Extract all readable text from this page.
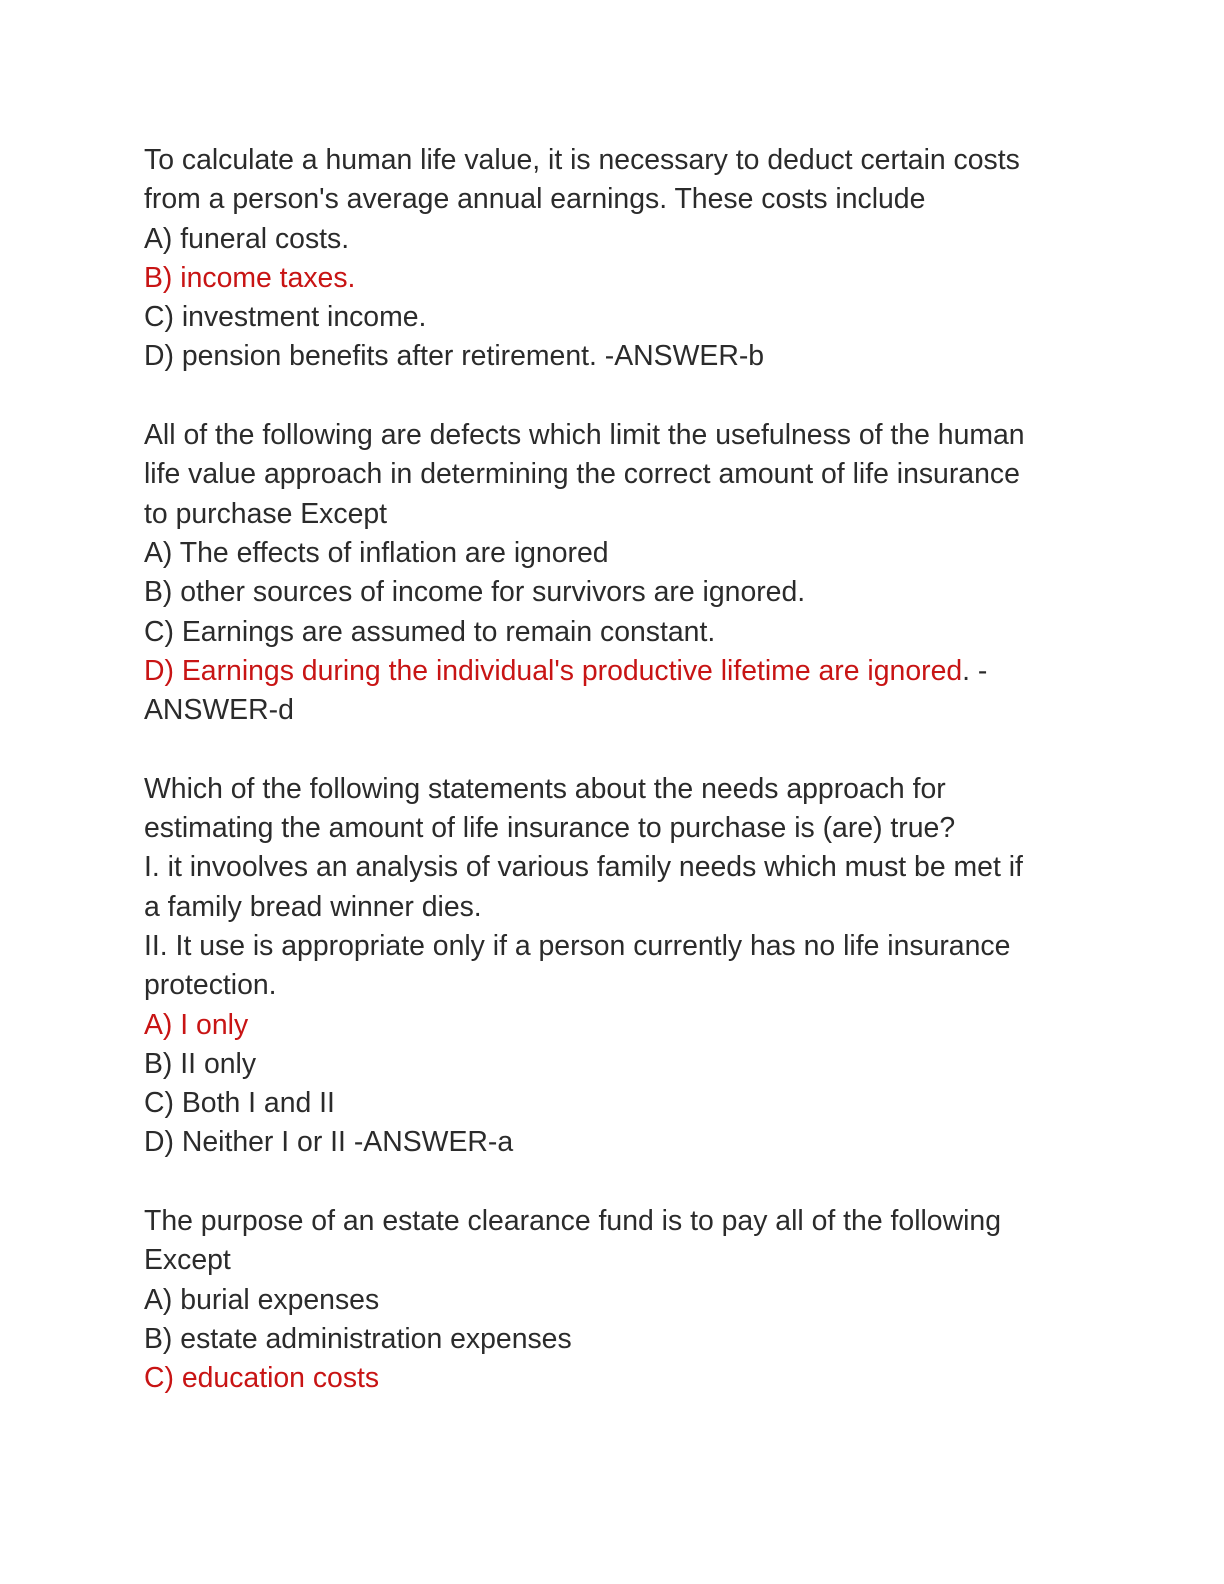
To calculate a human life value, it is necessary to deduct certain costs
from a person's average annual earnings. These costs include
A) funeral costs.
B) income taxes.
C) investment income.
D) pension benefits after retirement. -ANSWER-b
All of the following are defects which limit the usefulness of the human
life value approach in determining the correct amount of life insurance
to purchase Except
A) The effects of inflation are ignored
B) other sources of income for survivors are ignored.
C) Earnings are assumed to remain constant.
D) Earnings during the individual's productive lifetime are ignored. -
ANSWER-d
Which of the following statements about the needs approach for
estimating the amount of life insurance to purchase is (are) true?
I. it invoolves an analysis of various family needs which must be met if
a family bread winner dies.
II. It use is appropriate only if a person currently has no life insurance
protection.
A) I only
B) II only
C) Both I and II
D) Neither I or II -ANSWER-a
The purpose of an estate clearance fund is to pay all of the following
Except
A) burial expenses
B) estate administration expenses
C) education costs
